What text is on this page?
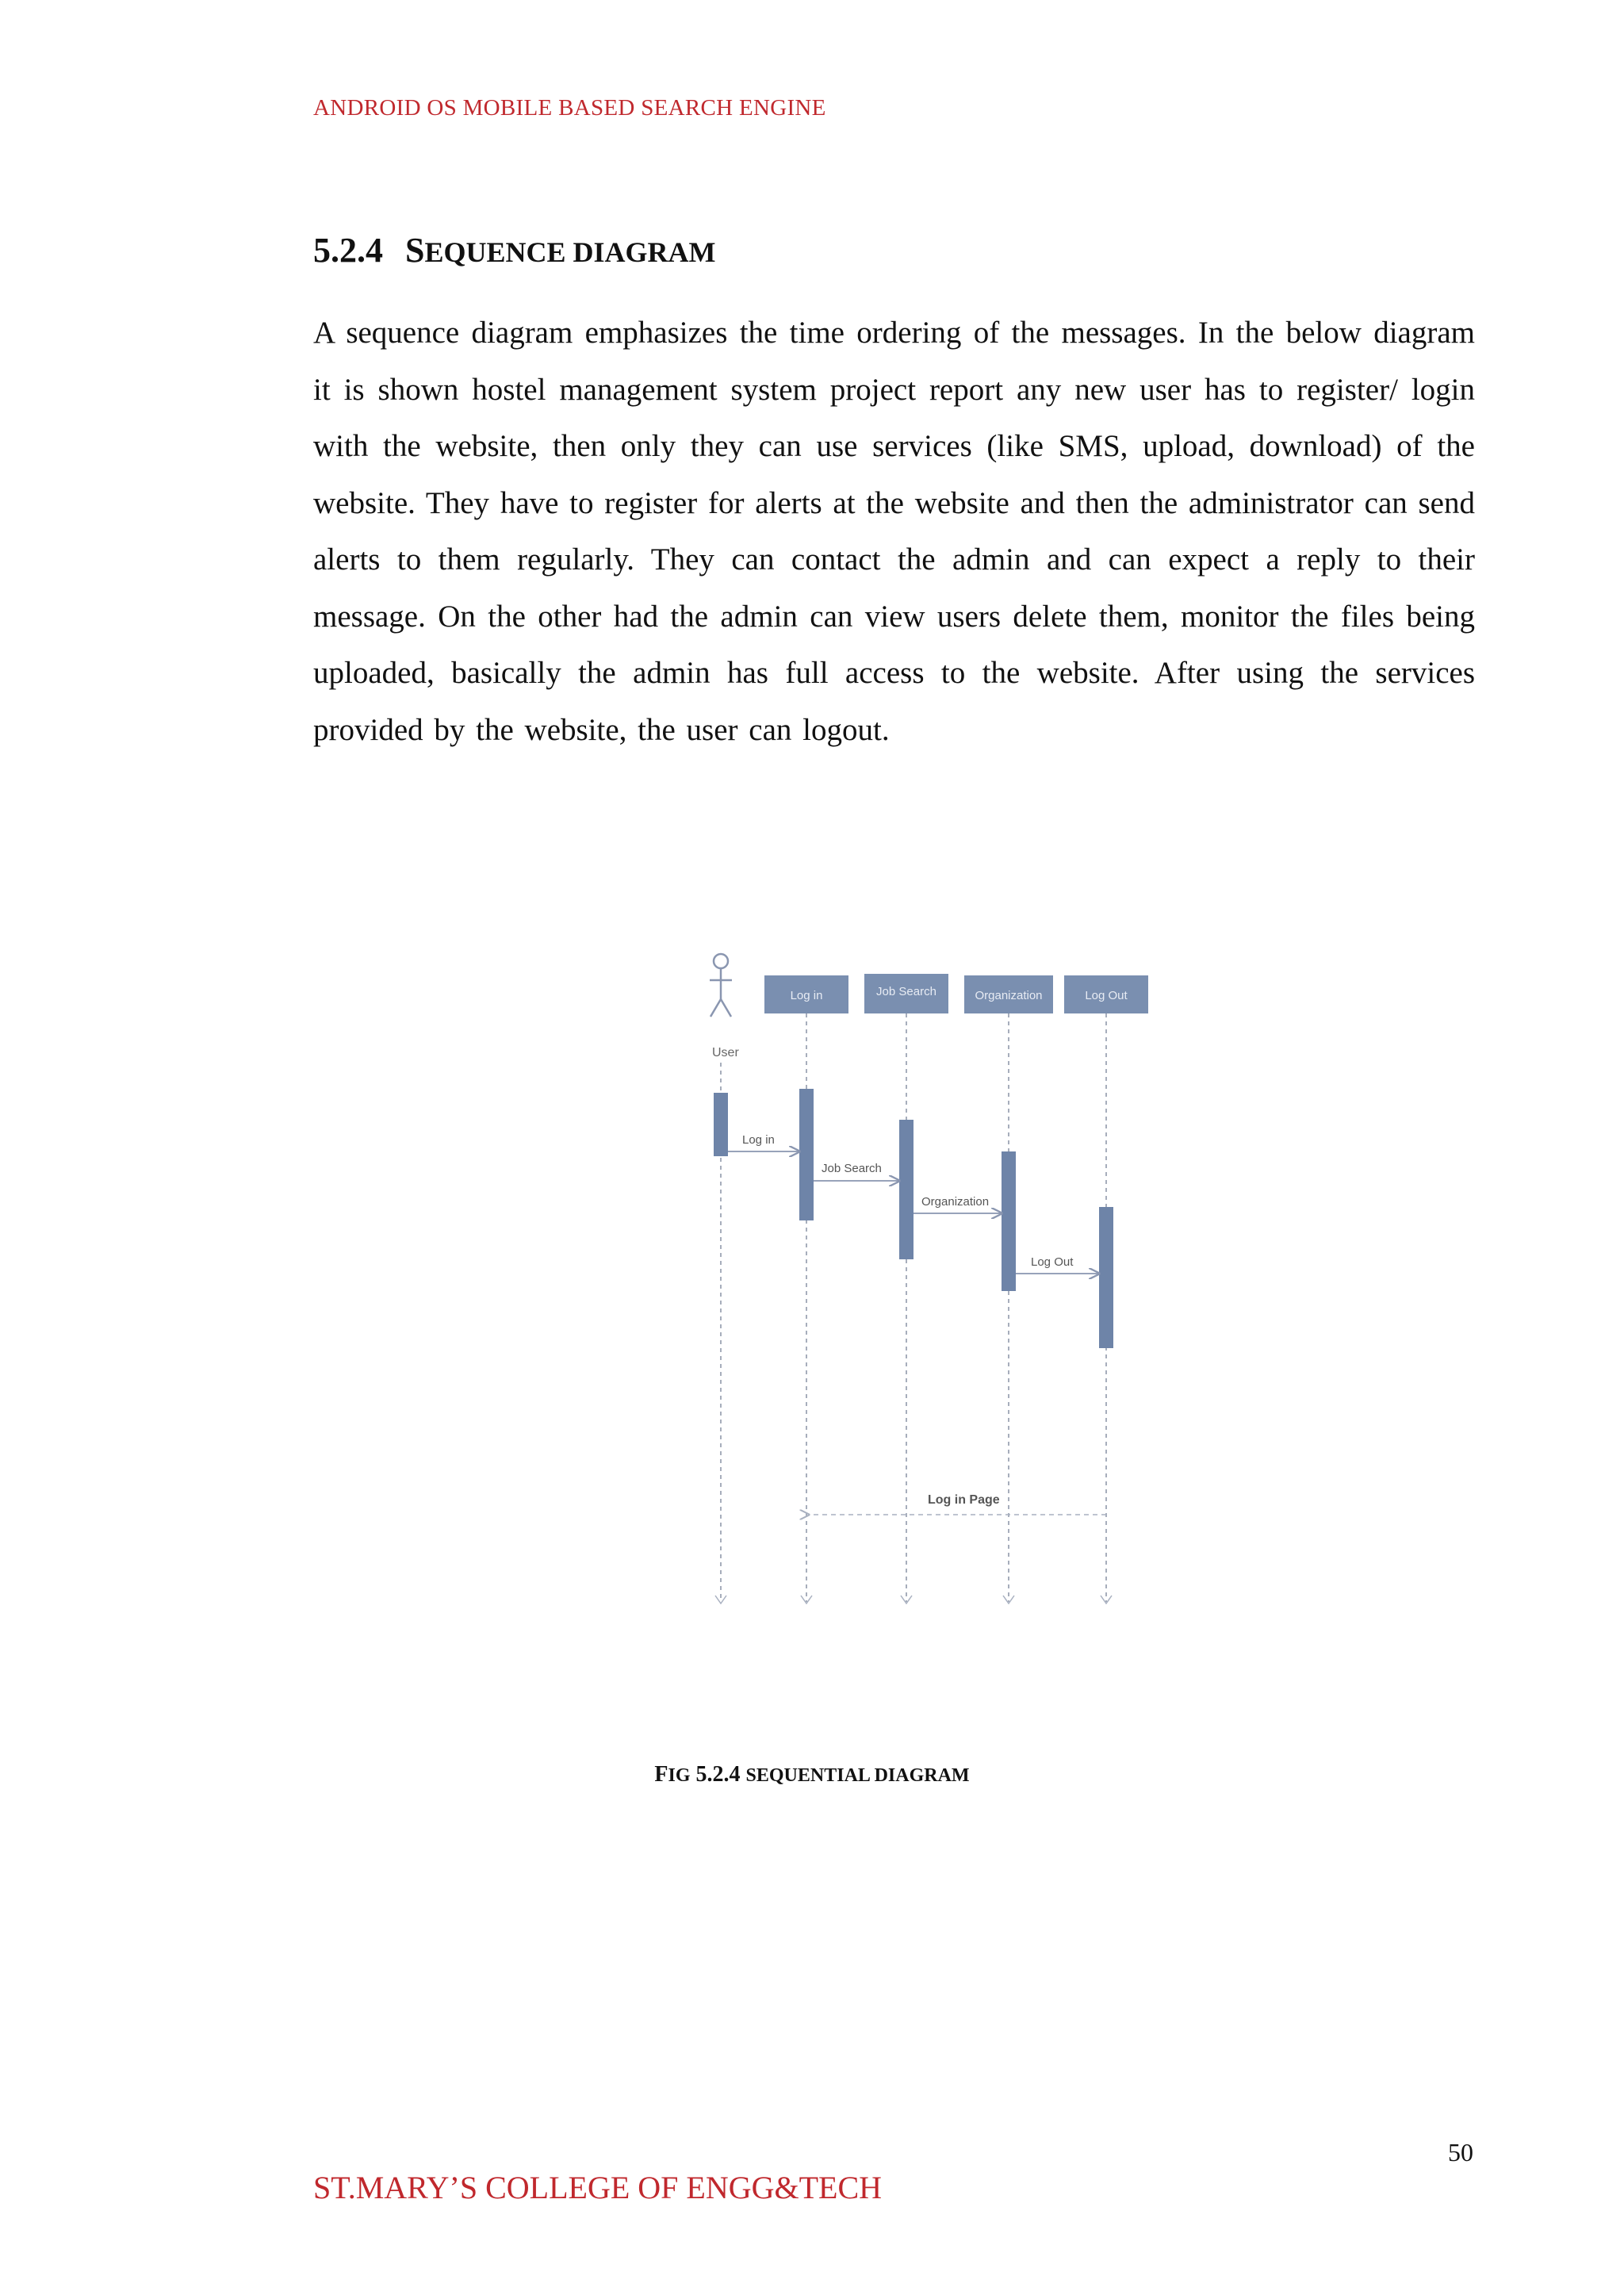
ANDROID OS MOBILE BASED SEARCH ENGINE
5.2.4 SEQUENCE DIAGRAM

A sequence diagram emphasizes the time ordering of the messages. In the below diagram it is shown hostel management system project report any new user has to register/ login with the website, then only they can use services (like SMS, upload, download) of the website. They have to register for alerts at the website and then the administrator can send alerts to them regularly. They can contact the admin and can expect a reply to their message. On the other had the admin can view users delete them, monitor the files being uploaded, basically the admin has full access to the website. After using the services provided by the website, the user can logout.

User
Log in	Job Search	Organization	Log Out
Log in
Job Search
Organization
Log Out
Log in Page

FIG 5.2.4 SEQUENTIAL DIAGRAM

50
ST.MARY’S COLLEGE OF ENGG&TECH
